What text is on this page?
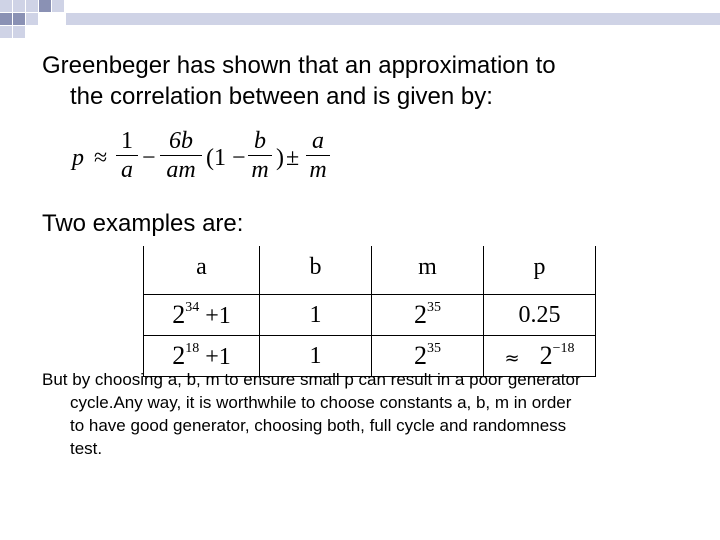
Greenbeger has shown that an approximation to
the correlation between and is given by:
p ≈
1
a −
6b
am (1 −
b
m ) ±
a
m
Two examples are:
a	b	m	p
$2^{34} +1$	1	$2^{35}$	0.25
$2^{18} +1$	1	$2^{35}$	≈ $2^{-18}$
But by choosing a, b, m to ensure small p can result in a poor generator
cycle.Any way, it is worthwhile to choose constants a, b, m in order
to have good generator, choosing both, full cycle and randomness
test.
